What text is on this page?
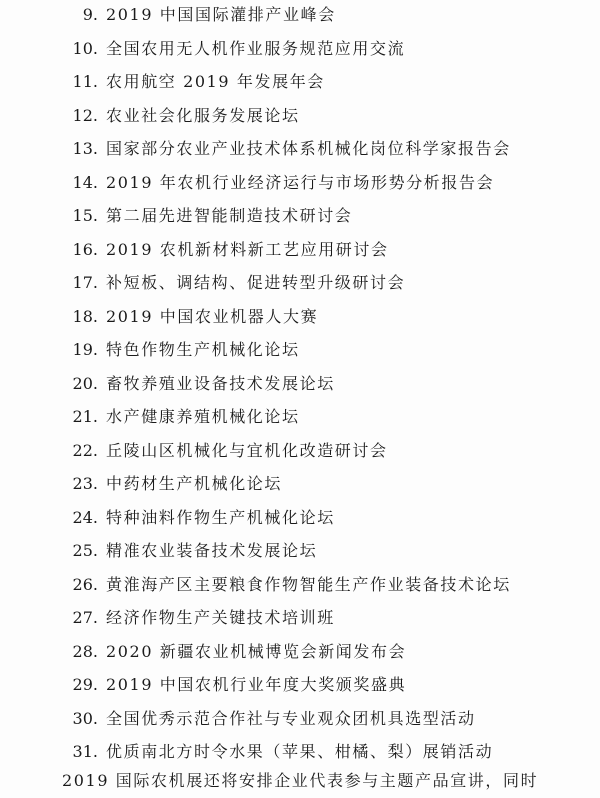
9. 2019 中国国际灌排产业峰会
10. 全国农用无人机作业服务规范应用交流
11. 农用航空 2019 年发展年会
12. 农业社会化服务发展论坛
13. 国家部分农业产业技术体系机械化岗位科学家报告会
14. 2019 年农机行业经济运行与市场形势分析报告会
15. 第二届先进智能制造技术研讨会
16. 2019 农机新材料新工艺应用研讨会
17. 补短板、调结构、促进转型升级研讨会
18. 2019 中国农业机器人大赛
19. 特色作物生产机械化论坛
20. 畜牧养殖业设备技术发展论坛
21. 水产健康养殖机械化论坛
22. 丘陵山区机械化与宜机化改造研讨会
23. 中药材生产机械化论坛
24. 特种油料作物生产机械化论坛
25. 精准农业装备技术发展论坛
26. 黄淮海产区主要粮食作物智能生产作业装备技术论坛
27. 经济作物生产关键技术培训班
28. 2020 新疆农业机械博览会新闻发布会
29. 2019 中国农机行业年度大奖颁奖盛典
30. 全国优秀示范合作社与专业观众团机具选型活动
31. 优质南北方时令水果（苹果、柑橘、梨）展销活动
2019 国际农机展还将安排企业代表参与主题产品宣讲，同时
